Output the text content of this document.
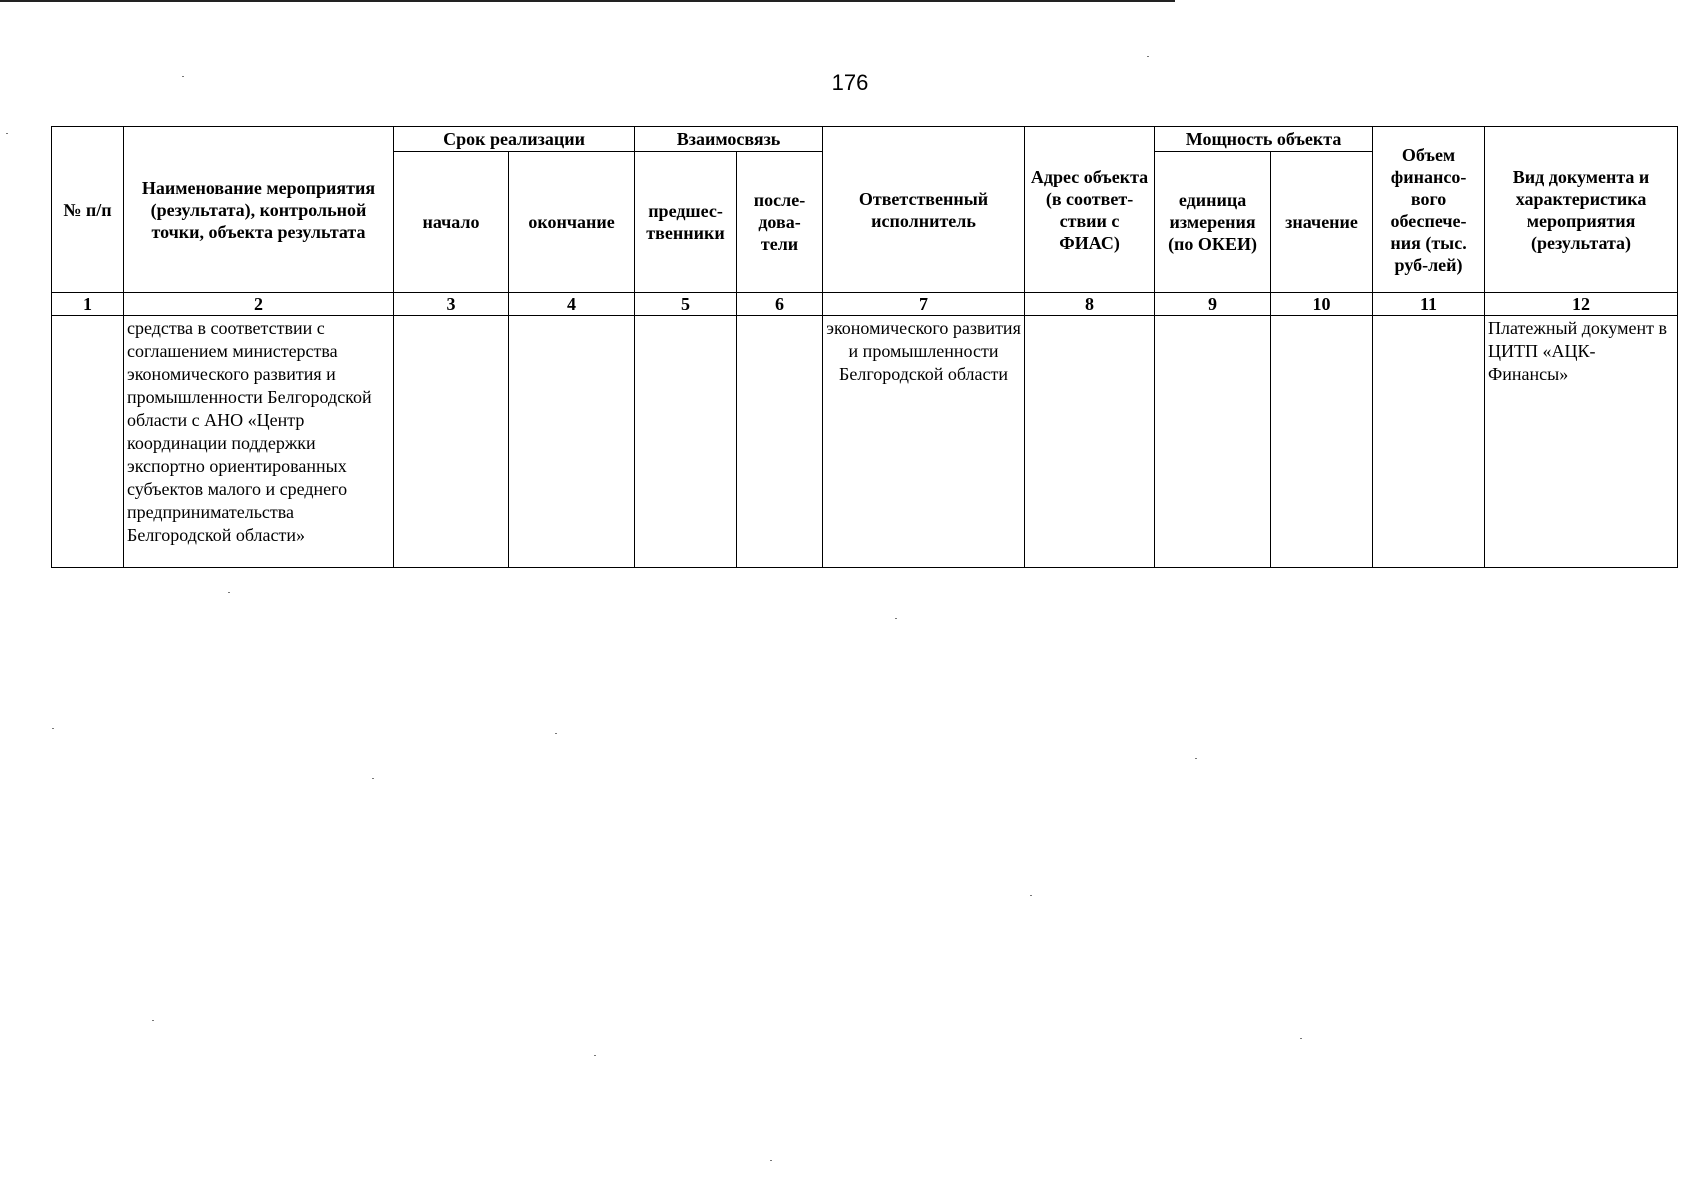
176
№ п/п	Наименование мероприятия (результата), контрольной точки, объекта результата	Срок реализации		Взаимосвязь		Ответственный исполнитель	Адрес объекта (в соответ-ствии с ФИАС)	Мощность объекта		Объем финансо-вого обеспече-ния (тыс. руб-лей)	Вид документа и характеристика мероприятия (результата)
		начало	окончание	предшес-твенники	после-дова-тели			единица измерения (по ОКЕИ)	значение		
1	2	3	4	5	6	7	8	9	10	11	12
	средства в соответствии с соглашением министерства экономического развития и промышленности Белгородской области с АНО «Центр координации поддержки экспортно ориентированных субъектов малого и среднего предпринимательства Белгородской области»					экономического развития и промышленности Белгородской области					Платежный документ в ЦИТП «АЦК-Финансы»
